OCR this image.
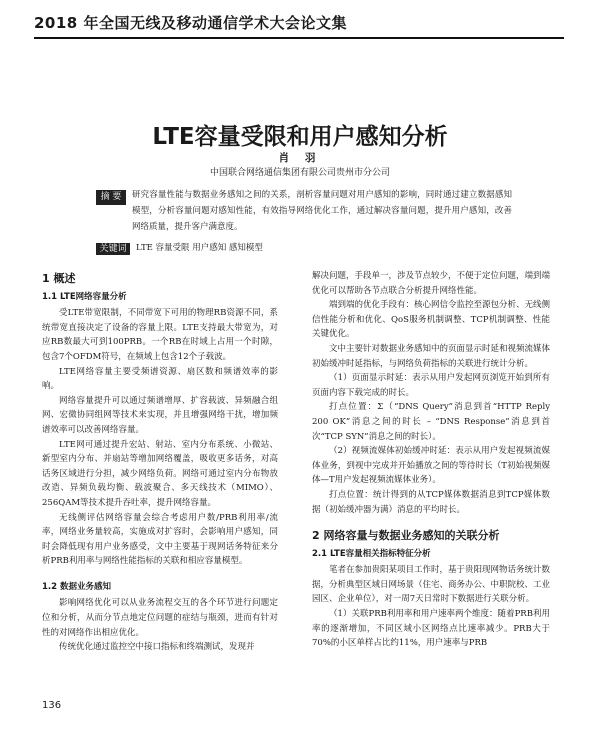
2018 年全国无线及移动通信学术大会论文集
LTE容量受限和用户感知分析
肖 羽
中国联合网络通信集团有限公司贵州市分公司
摘 要	研究容量性能与数据业务感知之间的关系，剖析容量问题对用户感知的影响，同时通过建立数据感知模型，分析容量问题对感知性能，有效指导网络优化工作，通过解决容量问题，提升用户感知，改善网络质量，提升客户满意度。
关键词	LTE 容量受限 用户感知 感知模型
1 概述
1.1 LTE网络容量分析

受LTE带宽限制，不同带宽下可用的物理RB资源不同，系统带宽直接决定了设备的容量上限。LTE支持最大带宽为，对应RB数最大可到100PRB。一个RB在时域上占用一个时隙，包含7个OFDM符号，在频域上包含12个子载波。

LTE网络容量主要受频谱资源、扇区数和频谱效率的影响。

网络容量提升可以通过频谱增厚、扩容载波、异频融合组网、宏微协同组网等技术来实现，并且增强网络干扰，增加频谱效率可以改善网络容量。

LTE网可通过提升宏站、射站、室内分布系统、小微站、新型室内分布、并扇站等增加网络覆盖，吸收更多话务，对高话务区域进行分担，减少网络负荷。网络可通过室内分布物放改造、异频负载均衡、载波聚合、多天线技术（MIMO）、256QAM等技术提升吞吐率，提升网络容量。

无线侧评估网络容量会综合考虑用户数/PRB利用率/流率，网络业务量较高，实施成对扩容时，会影响用户感知，同时会降低现有用户业务感受，文中主要基于现网话务特征来分析PRB利用率与网络性能指标的关联和相应容量模型。

1.2 数据业务感知

影响网络优化可以从业务流程交互的各个环节进行问题定位和分析，从而分节点地定位问题的症结与瓶颈，进而有针对性的对网络作出相应优化。

传统优化通过监控空中接口指标和终端测试，发现并

解决问题，手段单一，涉及节点较少，不便于定位问题，端到端优化可以帮助各节点联合分析提升网络性能。

端到端的优化手段有：核心网信令监控至源包分析、无线侧信性能分析和优化、QoS服务机制调整、TCP机制调整、性能关键优化。

文中主要针对数据业务感知中的页面显示时延和视频流媒体初始缓冲时延指标，与网络负荷指标的关联进行统计分析。

（1）页面显示时延：表示从用户发起网页浏览开始到所有页面内容下载完成的时长。

打点位置：Σ（“DNS Query”消息到首“HTTP Reply 200 OK”消息之间的时长 – “DNS Response”消息到首次“TCP SYN”消息之间的时长）。

（2）视频流媒体初始缓冲时延：表示从用户发起视频流媒体业务，到视中完成并开始播放之间的等待时长（T初始视频媒体—T用户发起视频流媒体业务）。

打点位置：统计得到的从TCP媒体数据消息到TCP媒体数据（初始缓冲器为满）消息的平均时长。

2 网络容量与数据业务感知的关联分析
2.1 LTE容量相关指标特征分析

笔者在参加贵阳某项目工作时，基于贵阳现网物话务统计数据，分析典型区域日网场景（住宅、商务办公、中职院校、工业园区、企业单位），对一周7天日常时下数据进行关联分析。

（1）关联PRB利用率和用户速率两个维度：随着PRB利用率的逐渐增加，不同区域小区网络点比速率减少。PRB大于70%的小区单样占比约11%，用户速率与PRB

136
